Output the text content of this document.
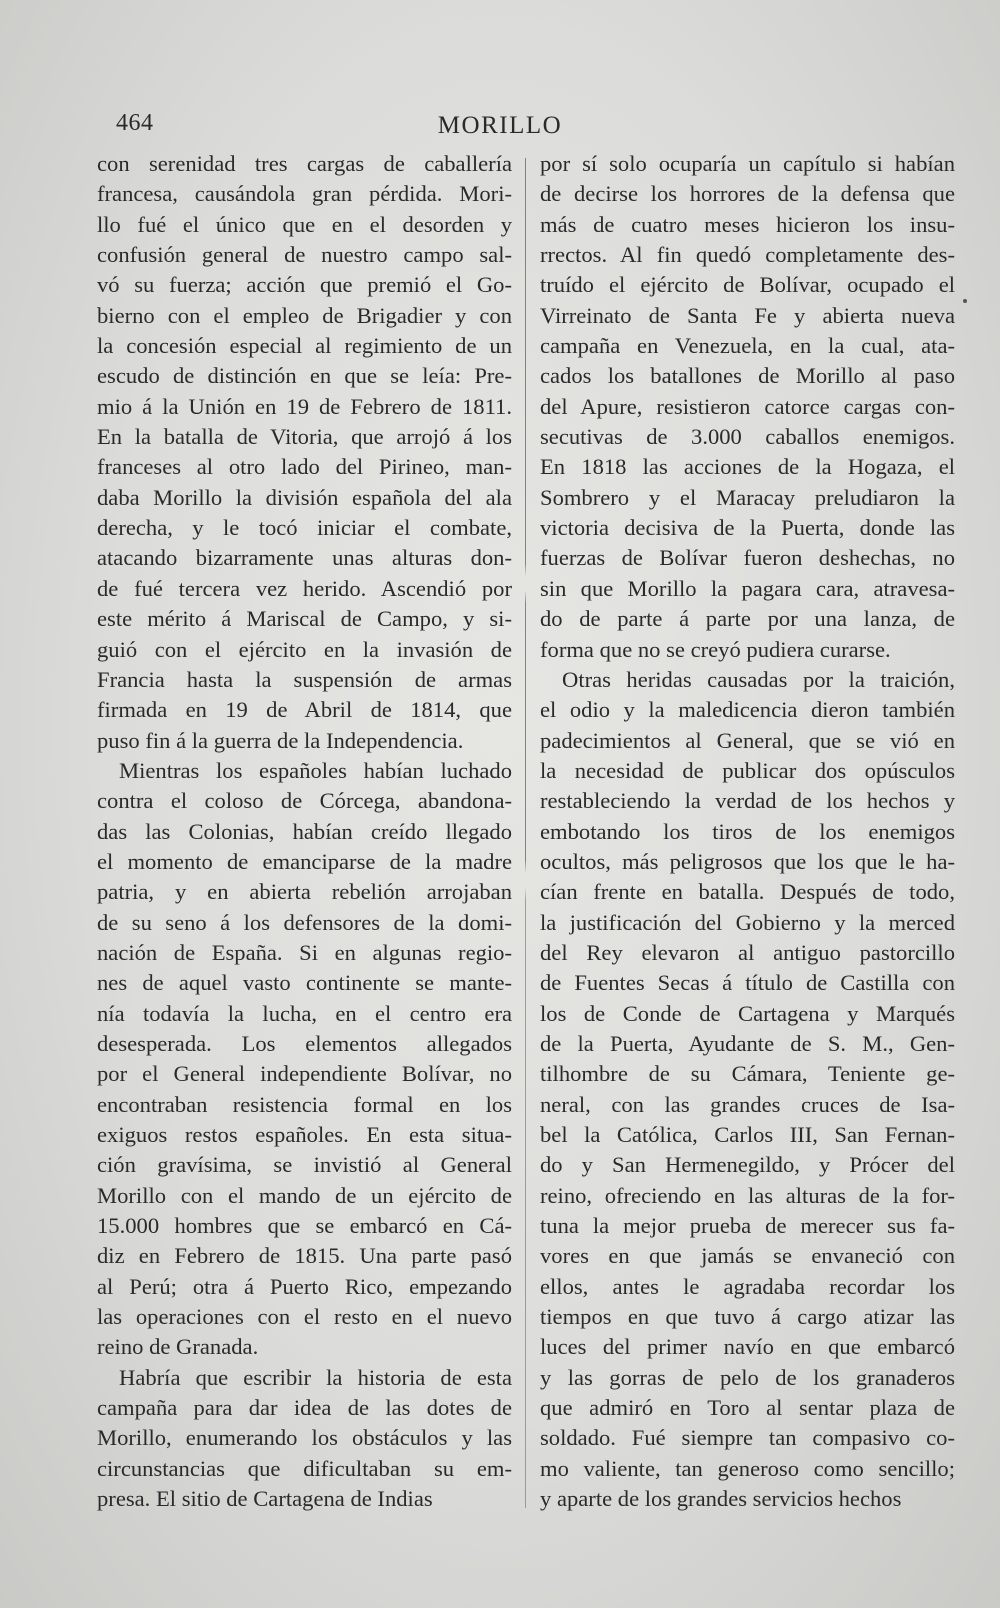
464	MORILLO
con serenidad tres cargas de caballería
francesa, causándola gran pérdida. Mori-
llo fué el único que en el desorden y
confusión general de nuestro campo sal-
vó su fuerza; acción que premió el Go-
bierno con el empleo de Brigadier y con
la concesión especial al regimiento de un
escudo de distinción en que se leía: Pre-
mio á la Unión en 19 de Febrero de 1811.
En la batalla de Vitoria, que arrojó á los
franceses al otro lado del Pirineo, man-
daba Morillo la división española del ala
derecha, y le tocó iniciar el combate,
atacando bizarramente unas alturas don-
de fué tercera vez herido. Ascendió por
este mérito á Mariscal de Campo, y si-
guió con el ejército en la invasión de
Francia hasta la suspensión de armas
firmada en 19 de Abril de 1814, que
puso fin á la guerra de la Independencia.
Mientras los españoles habían luchado
contra el coloso de Córcega, abandona-
das las Colonias, habían creído llegado
el momento de emanciparse de la madre
patria, y en abierta rebelión arrojaban
de su seno á los defensores de la domi-
nación de España. Si en algunas regio-
nes de aquel vasto continente se mante-
nía todavía la lucha, en el centro era
desesperada. Los elementos allegados
por el General independiente Bolívar, no
encontraban resistencia formal en los
exiguos restos españoles. En esta situa-
ción gravísima, se invistió al General
Morillo con el mando de un ejército de
15.000 hombres que se embarcó en Cá-
diz en Febrero de 1815. Una parte pasó
al Perú; otra á Puerto Rico, empezando
las operaciones con el resto en el nuevo
reino de Granada.
Habría que escribir la historia de esta
campaña para dar idea de las dotes de
Morillo, enumerando los obstáculos y las
circunstancias que dificultaban su em-
presa. El sitio de Cartagena de Indias
por sí solo ocuparía un capítulo si habían
de decirse los horrores de la defensa que
más de cuatro meses hicieron los insu-
rrectos. Al fin quedó completamente des-
truído el ejército de Bolívar, ocupado el
Virreinato de Santa Fe y abierta nueva
campaña en Venezuela, en la cual, ata-
cados los batallones de Morillo al paso
del Apure, resistieron catorce cargas con-
secutivas de 3.000 caballos enemigos.
En 1818 las acciones de la Hogaza, el
Sombrero y el Maracay preludiaron la
victoria decisiva de la Puerta, donde las
fuerzas de Bolívar fueron deshechas, no
sin que Morillo la pagara cara, atravesa-
do de parte á parte por una lanza, de
forma que no se creyó pudiera curarse.
Otras heridas causadas por la traición,
el odio y la maledicencia dieron también
padecimientos al General, que se vió en
la necesidad de publicar dos opúsculos
restableciendo la verdad de los hechos y
embotando los tiros de los enemigos
ocultos, más peligrosos que los que le ha-
cían frente en batalla. Después de todo,
la justificación del Gobierno y la merced
del Rey elevaron al antiguo pastorcillo
de Fuentes Secas á título de Castilla con
los de Conde de Cartagena y Marqués
de la Puerta, Ayudante de S. M., Gen-
tilhombre de su Cámara, Teniente ge-
neral, con las grandes cruces de Isa-
bel la Católica, Carlos III, San Fernan-
do y San Hermenegildo, y Prócer del
reino, ofreciendo en las alturas de la for-
tuna la mejor prueba de merecer sus fa-
vores en que jamás se envaneció con
ellos, antes le agradaba recordar los
tiempos en que tuvo á cargo atizar las
luces del primer navío en que embarcó
y las gorras de pelo de los granaderos
que admiró en Toro al sentar plaza de
soldado. Fué siempre tan compasivo co-
mo valiente, tan generoso como sencillo;
y aparte de los grandes servicios hechos
